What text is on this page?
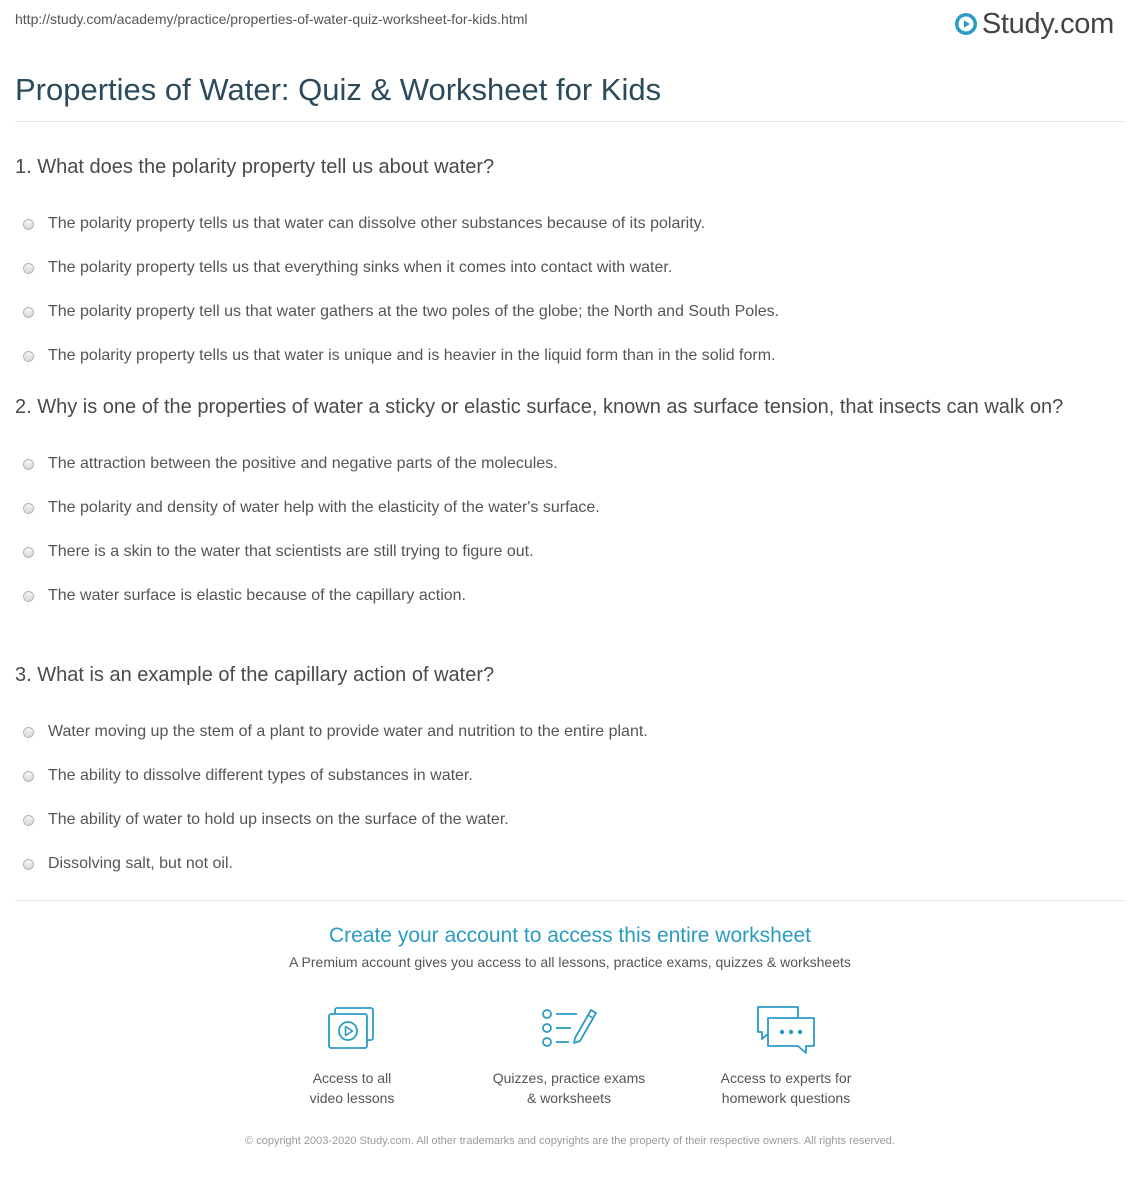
http://study.com/academy/practice/properties-of-water-quiz-worksheet-for-kids.html	Study.com
Properties of Water: Quiz & Worksheet for Kids
1. What does the polarity property tell us about water?
The polarity property tells us that water can dissolve other substances because of its polarity.
The polarity property tells us that everything sinks when it comes into contact with water.
The polarity property tell us that water gathers at the two poles of the globe; the North and South Poles.
The polarity property tells us that water is unique and is heavier in the liquid form than in the solid form.
2. Why is one of the properties of water a sticky or elastic surface, known as surface tension, that insects can walk on?
The attraction between the positive and negative parts of the molecules.
The polarity and density of water help with the elasticity of the water's surface.
There is a skin to the water that scientists are still trying to figure out.
The water surface is elastic because of the capillary action.
3. What is an example of the capillary action of water?
Water moving up the stem of a plant to provide water and nutrition to the entire plant.
The ability to dissolve different types of substances in water.
The ability of water to hold up insects on the surface of the water.
Dissolving salt, but not oil.
Create your account to access this entire worksheet
A Premium account gives you access to all lessons, practice exams, quizzes & worksheets
Access to all
video lessons
Quizzes, practice exams
& worksheets
Access to experts for
homework questions
© copyright 2003-2020 Study.com. All other trademarks and copyrights are the property of their respective owners. All rights reserved.
